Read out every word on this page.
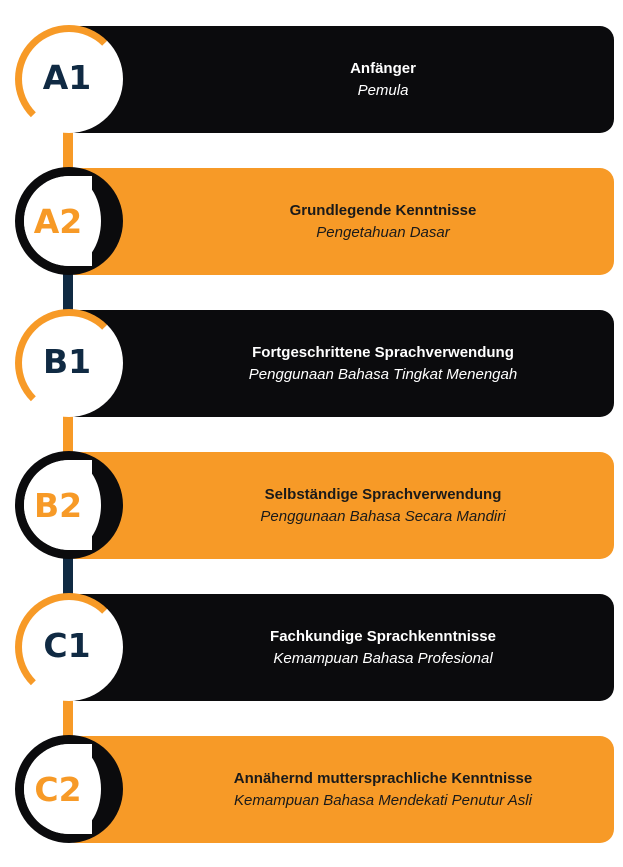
Anfänger
Pemula
A1
Grundlegende Kenntnisse
Pengetahuan Dasar
A2
Fortgeschrittene Sprachverwendung
Penggunaan Bahasa Tingkat Menengah
B1
Selbständige Sprachverwendung
Penggunaan Bahasa Secara Mandiri
B2
Fachkundige Sprachkenntnisse
Kemampuan Bahasa Profesional
C1
Annähernd muttersprachliche Kenntnisse
Kemampuan Bahasa Mendekati Penutur Asli
C2
